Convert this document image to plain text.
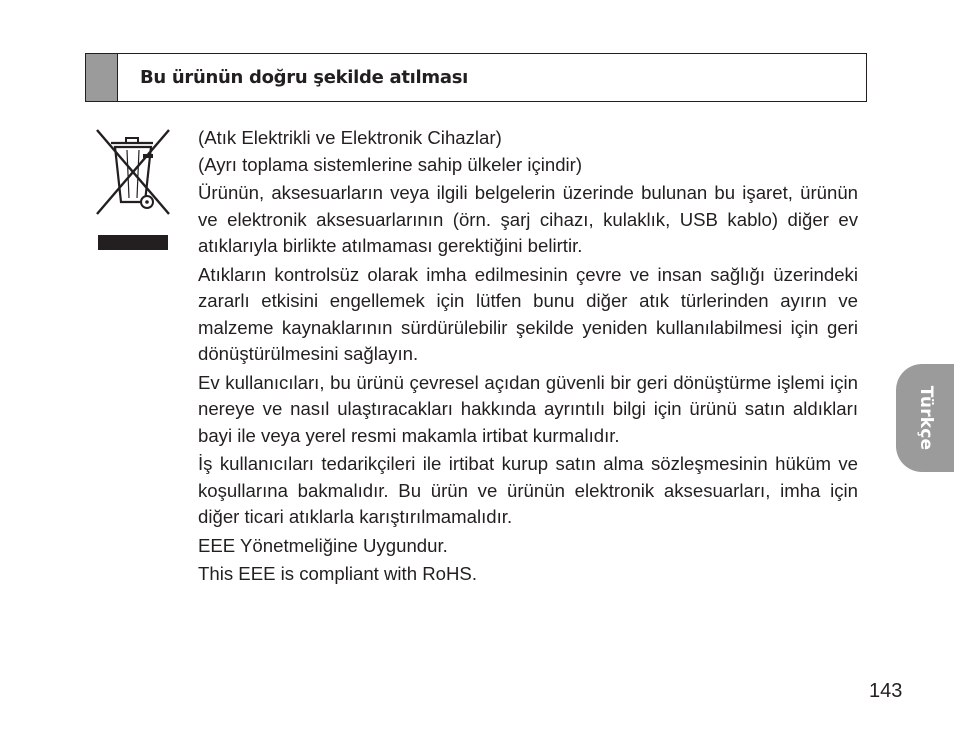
Bu ürünün doğru şekilde atılması

(Atık Elektrikli ve Elektronik Cihazlar)

(Ayrı toplama sistemlerine sahip ülkeler içindir)

Ürünün, aksesuarların veya ilgili belgelerin üzerinde bulunan bu işaret, ürünün ve elektronik aksesuarlarının (örn. şarj cihazı, kulaklık, USB kablo) diğer ev atıklarıyla birlikte atılmaması gerektiğini belirtir.

Atıkların kontrolsüz olarak imha edilmesinin çevre ve insan sağlığı üzerindeki zararlı etkisini engellemek için lütfen bunu diğer atık türlerinden ayırın ve malzeme kaynaklarının sürdürülebilir şekilde yeniden kullanılabilmesi için geri dönüştürülmesini sağlayın.

Ev kullanıcıları, bu ürünü çevresel açıdan güvenli bir geri dönüştürme işlemi için nereye ve nasıl ulaştıracakları hakkında ayrıntılı bilgi için ürünü satın aldıkları bayi ile veya yerel resmi makamla irtibat kurmalıdır.

İş kullanıcıları tedarikçileri ile irtibat kurup satın alma sözleşmesinin hüküm ve koşullarına bakmalıdır. Bu ürün ve ürünün elektronik aksesuarları, imha için diğer ticari atıklarla karıştırılmamalıdır.

EEE Yönetmeliğine Uygundur.

This EEE is compliant with RoHS.

Türkçe
143
